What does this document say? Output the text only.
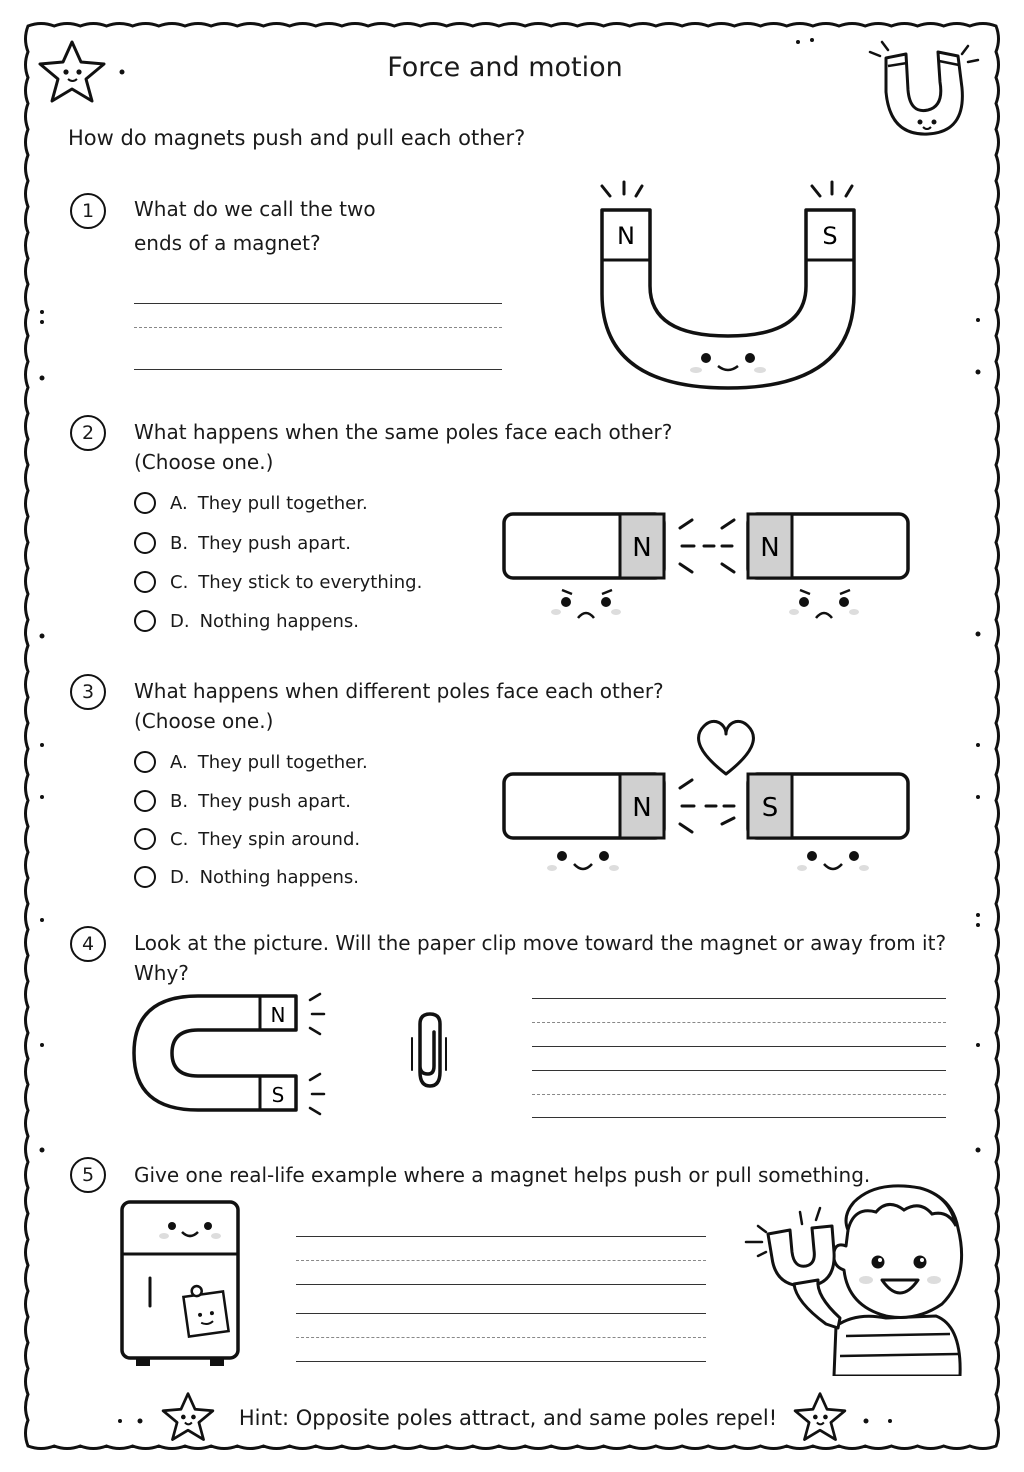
Force and motion
How do magnets push and pull each other?
1	What do we call the two
ends of a magnet?	N	S
2	What happens when the same poles face each other?
(Choose one.)
A. They pull together.
B. They push apart.
C. They stick to everything.
D. Nothing happens.
N	N
3	What happens when different poles face each other?
(Choose one.)
A. They pull together.
B. They push apart.
C. They spin around.
D. Nothing happens.
N	S
4	Look at the picture. Will the paper clip move toward the magnet or away from it?
Why?
N
S
5	Give one real-life example where a magnet helps push or pull something.
Hint: Opposite poles attract, and same poles repel!
